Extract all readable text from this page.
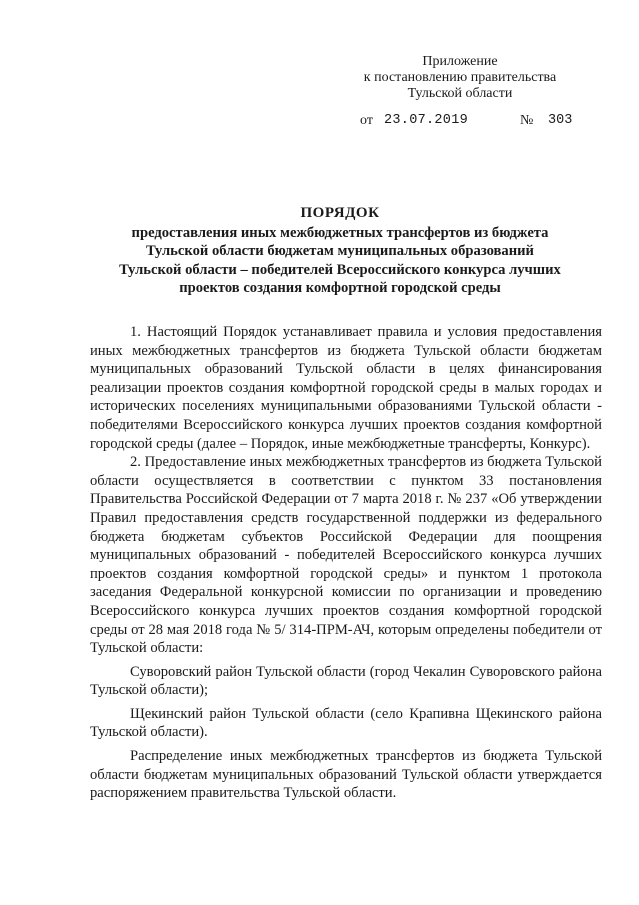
Приложение
к постановлению правительства
Тульской области
от 23.07.2019	№ 303
ПОРЯДОК
предоставления иных межбюджетных трансфертов из бюджета
Тульской области бюджетам муниципальных образований
Тульской области – победителей Всероссийского конкурса лучших
проектов создания комфортной городской среды

1. Настоящий Порядок устанавливает правила и условия предоставления иных межбюджетных трансфертов из бюджета Тульской области бюджетам муниципальных образований Тульской области в целях финансирования реализации проектов создания комфортной городской среды в малых городах и исторических поселениях муниципальными образованиями Тульской области - победителями Всероссийского конкурса лучших проектов создания комфортной городской среды (далее – Порядок, иные межбюджетные трансферты, Конкурс).

2. Предоставление иных межбюджетных трансфертов из бюджета Тульской области осуществляется в соответствии с пунктом 33 постановления Правительства Российской Федерации от 7 марта 2018 г. № 237 «Об утверждении Правил предоставления средств государственной поддержки из федерального бюджета бюджетам субъектов Российской Федерации для поощрения муниципальных образований - победителей Всероссийского конкурса лучших проектов создания комфортной городской среды» и пунктом 1 протокола заседания Федеральной конкурсной комиссии по организации и проведению Всероссийского конкурса лучших проектов создания комфортной городской среды от 28 мая 2018 года № 5/ 314-ПРМ-АЧ, которым определены победители от Тульской области:

Суворовский район Тульской области (город Чекалин Суворовского района Тульской области);

Щекинский район Тульской области (село Крапивна Щекинского района Тульской области).

Распределение иных межбюджетных трансфертов из бюджета Тульской области бюджетам муниципальных образований Тульской области утверждается распоряжением правительства Тульской области.
